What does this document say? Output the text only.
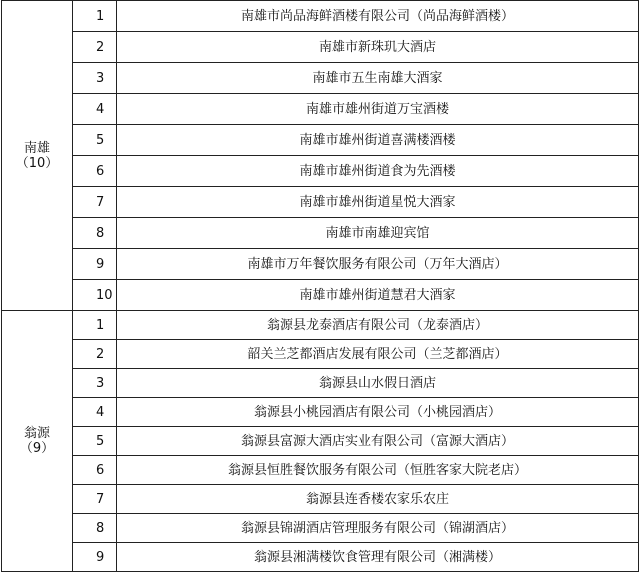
南雄
（10）	1	南雄市尚品海鲜酒楼有限公司（尚品海鲜酒楼）
	2	南雄市新珠玑大酒店
	3	南雄市五生南雄大酒家
	4	南雄市雄州街道万宝酒楼
	5	南雄市雄州街道喜满楼酒楼
	6	南雄市雄州街道食为先酒楼
	7	南雄市雄州街道星悦大酒家
	8	南雄市南雄迎宾馆
	9	南雄市万年餐饮服务有限公司（万年大酒店）
	10	南雄市雄州街道慧君大酒家

翁源
（9）	1	翁源县龙泰酒店有限公司（龙泰酒店）
	2	韶关兰芝都酒店发展有限公司（兰芝都酒店）
	3	翁源县山水假日酒店
	4	翁源县小桃园酒店有限公司（小桃园酒店）
	5	翁源县富源大酒店实业有限公司（富源大酒店）
	6	翁源县恒胜餐饮服务有限公司（恒胜客家大院老店）
	7	翁源县连香楼农家乐农庄
	8	翁源县锦湖酒店管理服务有限公司（锦湖酒店）
	9	翁源县湘满楼饮食管理有限公司（湘满楼）
